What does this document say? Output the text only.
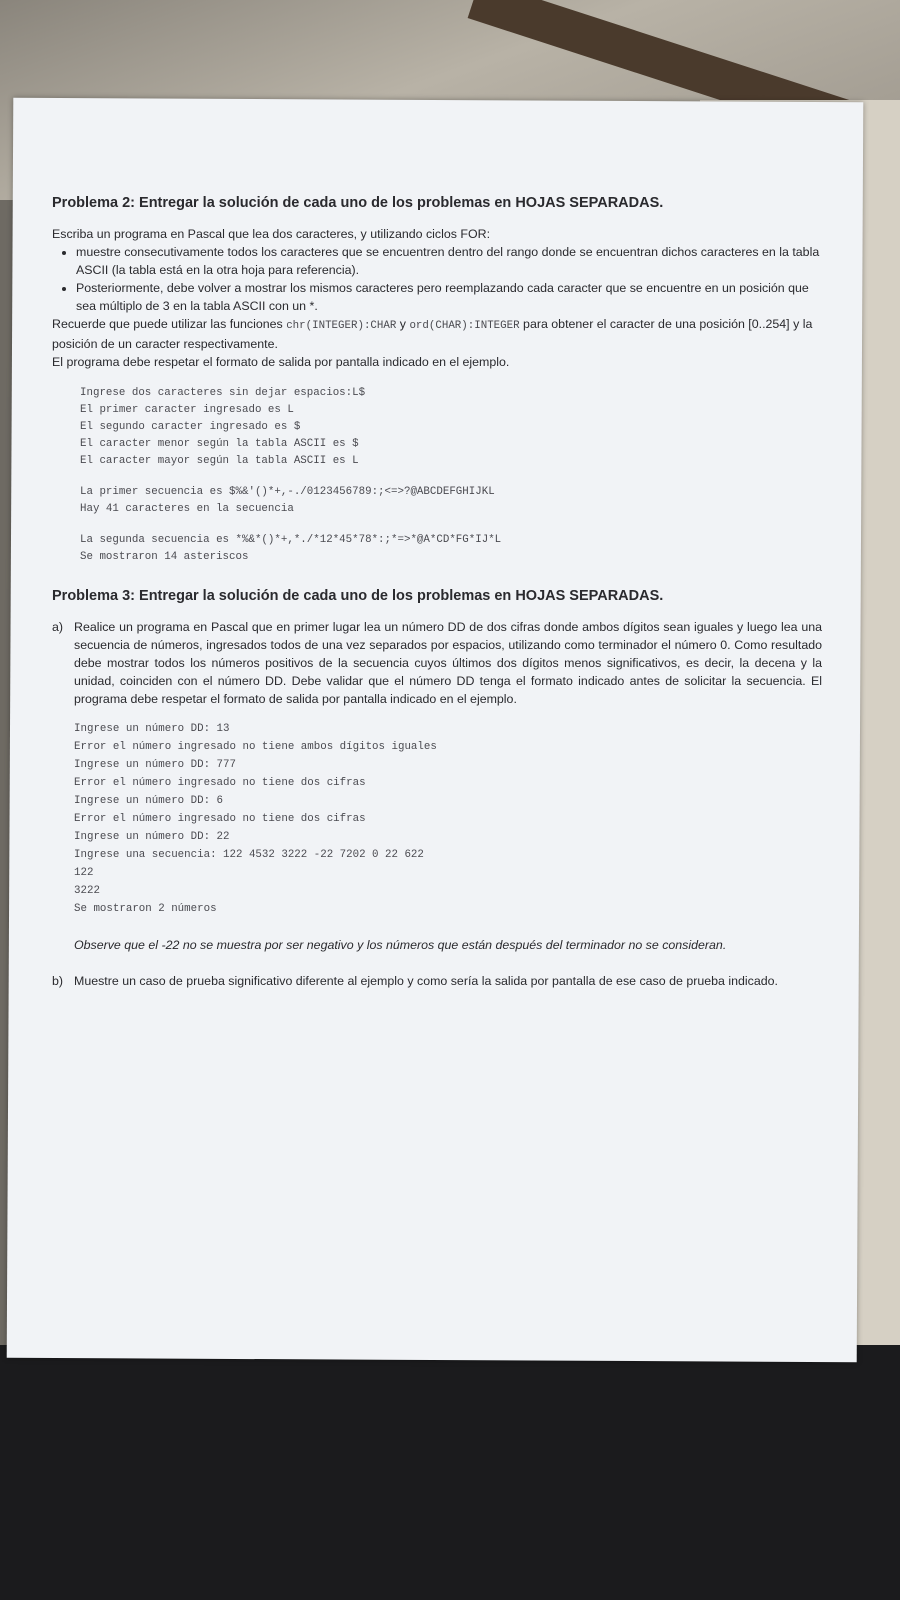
Problema 2: Entregar la solución de cada uno de los problemas en HOJAS SEPARADAS.

Escriba un programa en Pascal que lea dos caracteres, y utilizando ciclos FOR:

• muestre consecutivamente todos los caracteres que se encuentren dentro del rango donde se encuentran dichos caracteres en la tabla ASCII (la tabla está en la otra hoja para referencia).
• Posteriormente, debe volver a mostrar los mismos caracteres pero reemplazando cada caracter que se encuentre en un posición que sea múltiplo de 3 en la tabla ASCII con un *.

Recuerde que puede utilizar las funciones chr(INTEGER):CHAR y ord(CHAR):INTEGER para obtener el caracter de una posición [0..254] y la posición de un caracter respectivamente.

El programa debe respetar el formato de salida por pantalla indicado en el ejemplo.

Ingrese dos caracteres sin dejar espacios:L$
El primer caracter ingresado es L
El segundo caracter ingresado es $
El caracter menor según la tabla ASCII es $
El caracter mayor según la tabla ASCII es L
La primer secuencia es $%&'()*+,-./0123456789:;<=>?@ABCDEFGHIJKL
Hay 41 caracteres en la secuencia
La segunda secuencia es *%&*()*+,*./*12*45*78*:;*=>*@A*CD*FG*IJ*L
Se mostraron 14 asteriscos
Problema 3: Entregar la solución de cada uno de los problemas en HOJAS SEPARADAS.
a) Realice un programa en Pascal que en primer lugar lea un número DD de dos cifras donde ambos dígitos sean iguales y luego lea una secuencia de números, ingresados todos de una vez separados por espacios, utilizando como terminador el número 0. Como resultado debe mostrar todos los números positivos de la secuencia cuyos últimos dos dígitos menos significativos, es decir, la decena y la unidad, coinciden con el número DD. Debe validar que el número DD tenga el formato indicado antes de solicitar la secuencia. El programa debe respetar el formato de salida por pantalla indicado en el ejemplo.
Ingrese un número DD: 13
Error el número ingresado no tiene ambos dígitos iguales
Ingrese un número DD: 777
Error el número ingresado no tiene dos cifras
Ingrese un número DD: 6
Error el número ingresado no tiene dos cifras
Ingrese un número DD: 22
Ingrese una secuencia: 122 4532 3222 -22 7202 0 22 622
122
3222
Se mostraron 2 números
Observe que el -22 no se muestra por ser negativo y los números que están después del terminador no se consideran.
b) Muestre un caso de prueba significativo diferente al ejemplo y como sería la salida por pantalla de ese caso de prueba indicado.
